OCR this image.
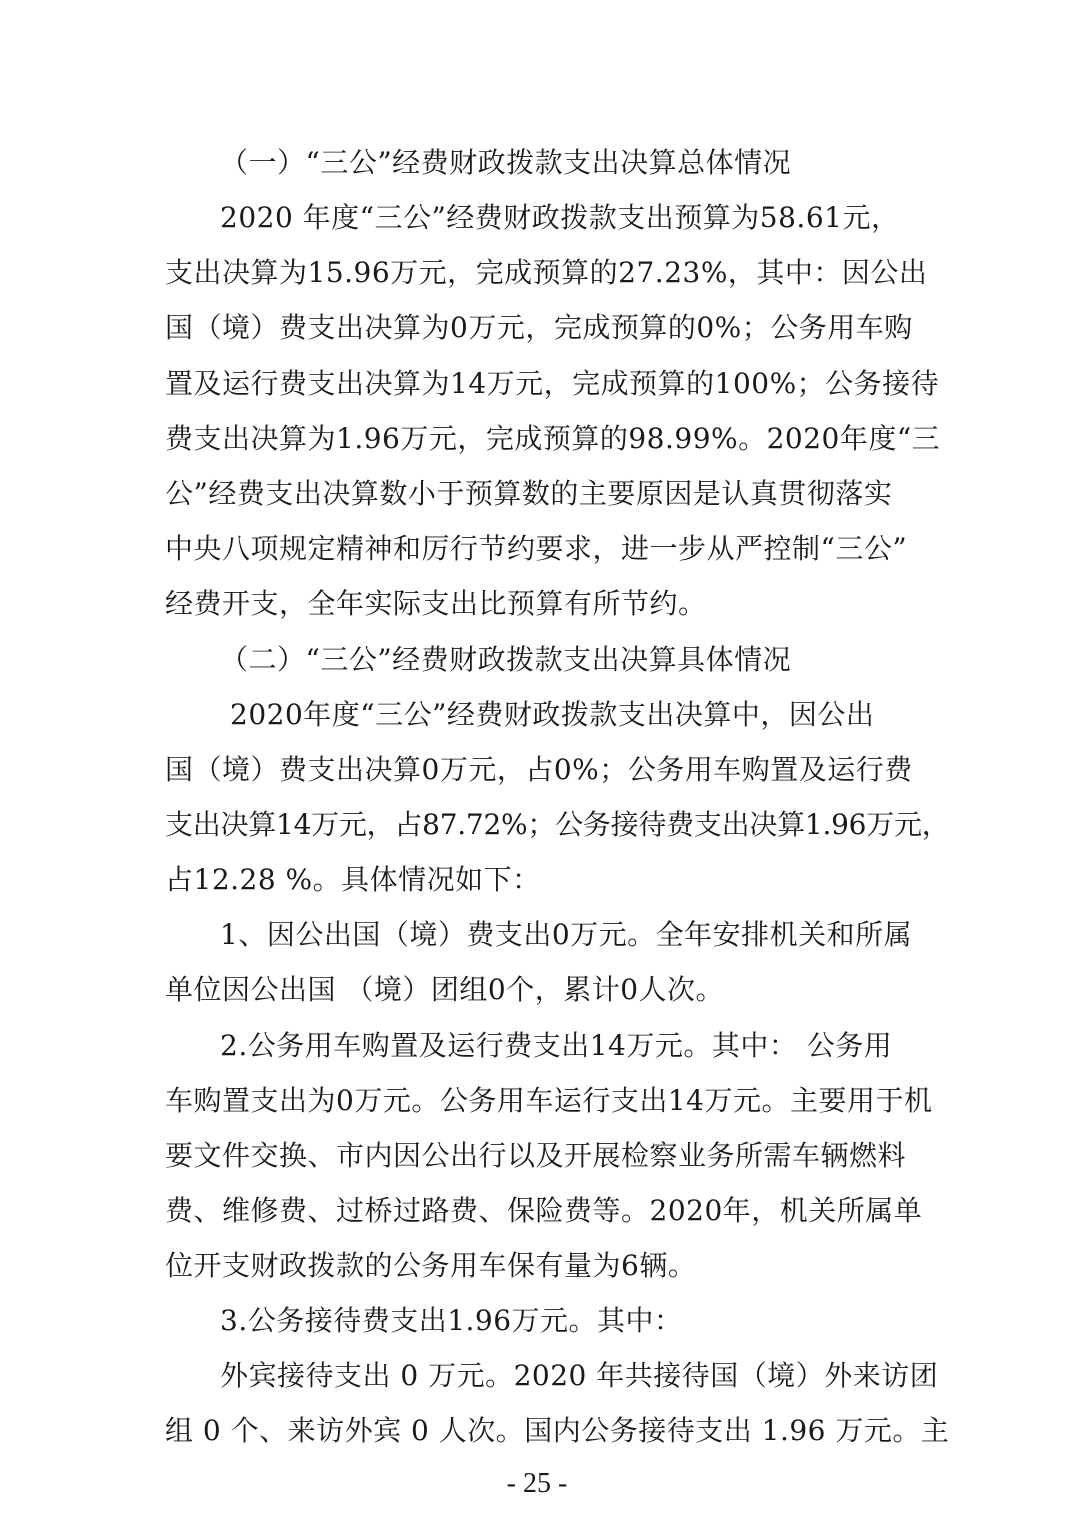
（一）“三公”经费财政拨款支出决算总体情况
2020 年度“三公”经费财政拨款支出预算为58.61元，
支出决算为15.96万元，完成预算的27.23%，其中：因公出
国（境）费支出决算为0万元，完成预算的0%；公务用车购
置及运行费支出决算为14万元，完成预算的100%；公务接待
费支出决算为1.96万元，完成预算的98.99%。2020年度“三
公”经费支出决算数小于预算数的主要原因是认真贯彻落实
中央八项规定精神和厉行节约要求，进一步从严控制“三公”
经费开支，全年实际支出比预算有所节约。
（二）“三公”经费财政拨款支出决算具体情况
2020年度“三公”经费财政拨款支出决算中，因公出
国（境）费支出决算0万元，占0%；公务用车购置及运行费
支出决算14万元，占87.72%；公务接待费支出决算1.96万元，
占12.28 %。具体情况如下：
1、因公出国（境）费支出0万元。全年安排机关和所属
单位因公出国 （境）团组0个，累计0人次。
2.公务用车购置及运行费支出14万元。其中： 公务用
车购置支出为0万元。公务用车运行支出14万元。主要用于机
要文件交换、市内因公出行以及开展检察业务所需车辆燃料
费、维修费、过桥过路费、保险费等。2020年，机关所属单
位开支财政拨款的公务用车保有量为6辆。
3.公务接待费支出1.96万元。其中：
外宾接待支出 0 万元。2020 年共接待国（境）外来访团
组 0 个、来访外宾 0 人次。国内公务接待支出 1.96 万元。主
- 25 -
